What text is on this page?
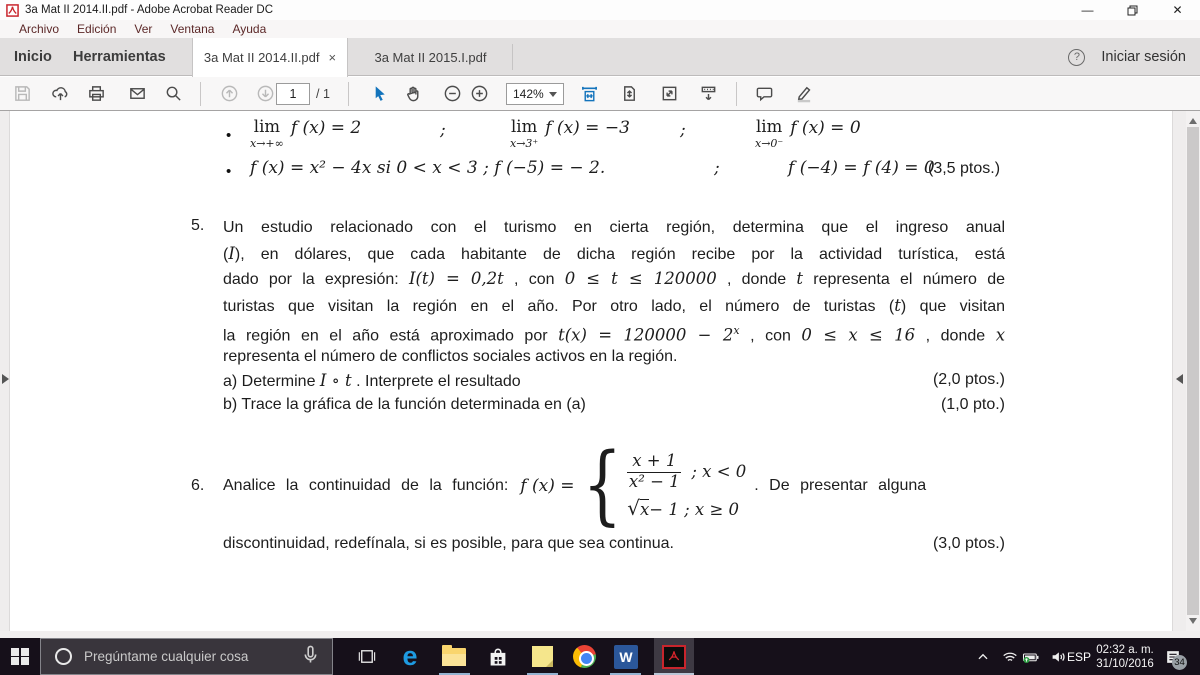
3a Mat II 2014.II.pdf - Adobe Acrobat Reader DC	—	✕
Archivo	Edición	Ver	Ventana	Ayuda
Inicio Herramientas	3a Mat II 2014.II.pdf ×	3a Mat II 2015.I.pdf	?	Iniciar sesión
1	/ 1	142%
• lim
x→+∞
f (x) = 2	;	lim
x→3⁺
f (x) = −3	;	lim
x→0⁻
f (x) = 0
• f (x) = x² − 4x si 0 < x < 3 ; f (−5) = − 2.	;	f (−4) = f (4) = 0
(3,5 ptos.)
5. Un estudio relacionado con el turismo en cierta región, determina que el ingreso anual
(I), en dólares, que cada habitante de dicha región recibe por la actividad turística, está
dado por la expresión: I(t) = 0,2t , con 0 ≤ t ≤ 120000 , donde t representa el número de
turistas que visitan la región en el año. Por otro lado, el número de turistas (t) que visitan
la región en el año está aproximado por $t(x) = 120000 - 2^x$ , con 0 ≤ x ≤ 16 , donde x
representa el número de conflictos sociales activos en la región.
a) Determine I ∘ t . Interprete el resultado	(2,0 ptos.)
b) Trace la gráfica de la función determinada en (a)	(1,0 pto.)
6. Analice la continuidad de la función: f (x) = { $\frac{x + 1}{\text{x² − 1}}$ ; x < 0
√ x − 1 ; x ≥ 0
. De presentar alguna
discontinuidad, redefínala, si es posible, para que sea continua.	(3,0 ptos.)
Pregúntame cualquier cosa	e	W	ESP 02:32 a. m.
31/10/2016 34
